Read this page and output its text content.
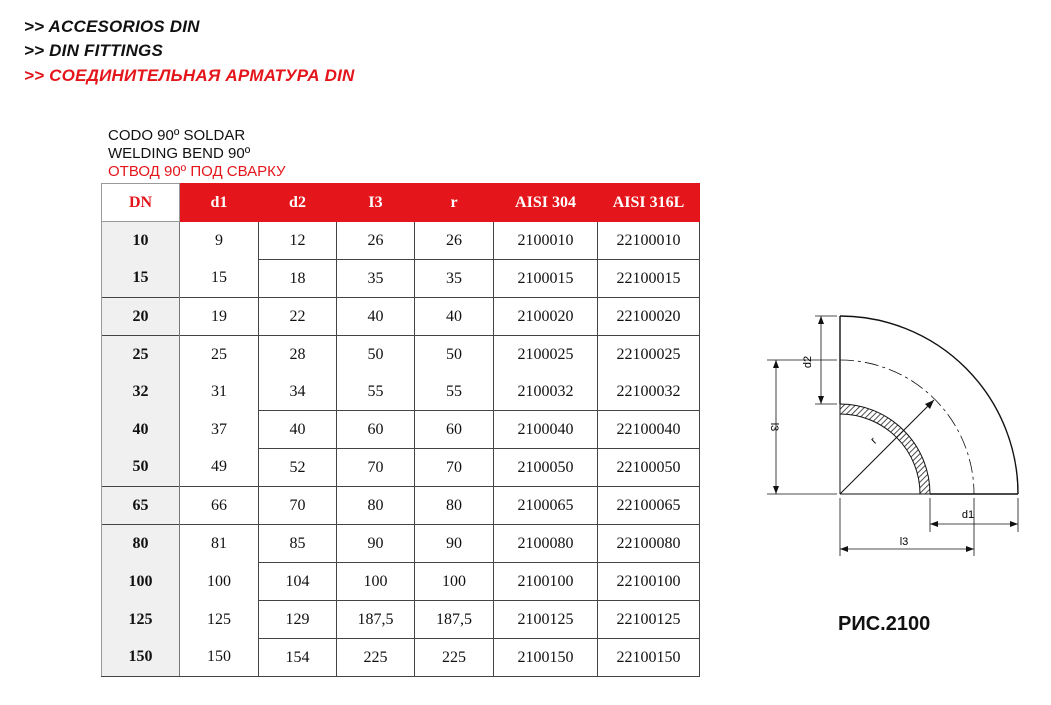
>> ACCESORIOS DIN
>> DIN FITTINGS
>> СОЕДИНИТЕЛЬНАЯ АРМАТУРА DIN
CODO 90º SOLDAR
WELDING BEND 90º
ОТВОД 90º ПОД СВАРКУ
DN	d1	d2	I3	r	AISI 304	AISI 316L
10	9	12	26	26	2100010	22100010
15	15	18	35	35	2100015	22100015
20	19	22	40	40	2100020	22100020
25	25	28	50	50	2100025	22100025
32	31	34	55	55	2100032	22100032
40	37	40	60	60	2100040	22100040
50	49	52	70	70	2100050	22100050
65	66	70	80	80	2100065	22100065
80	81	85	90	90	2100080	22100080
100	100	104	100	100	2100100	22100100
125	125	129	187,5	187,5	2100125	22100125
150	150	154	225	225	2100150	22100150
d2
l3
r
d1
l3
РИС.2100
